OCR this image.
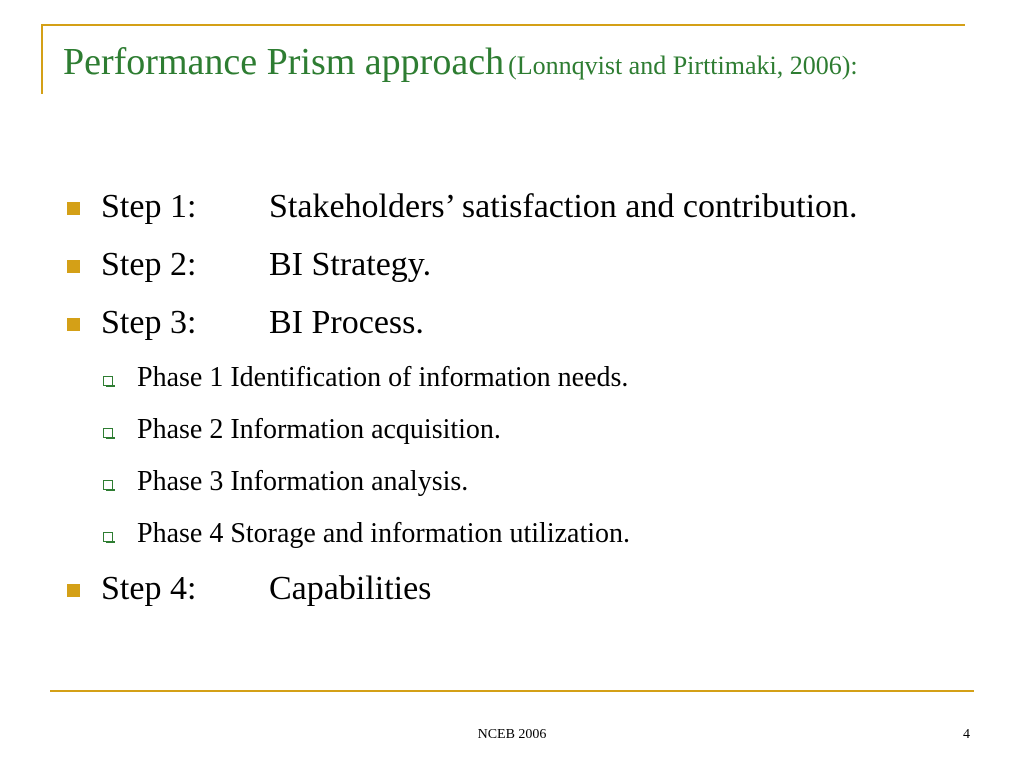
Performance Prism approach (Lonnqvist and Pirttimaki, 2006):
Step 1: Stakeholders’ satisfaction and contribution.
Step 2: BI Strategy.
Step 3: BI Process.
Phase 1 Identification of information needs.
Phase 2 Information acquisition.
Phase 3 Information analysis.
Phase 4 Storage and information utilization.
Step 4: Capabilities
NCEB 2006	4
